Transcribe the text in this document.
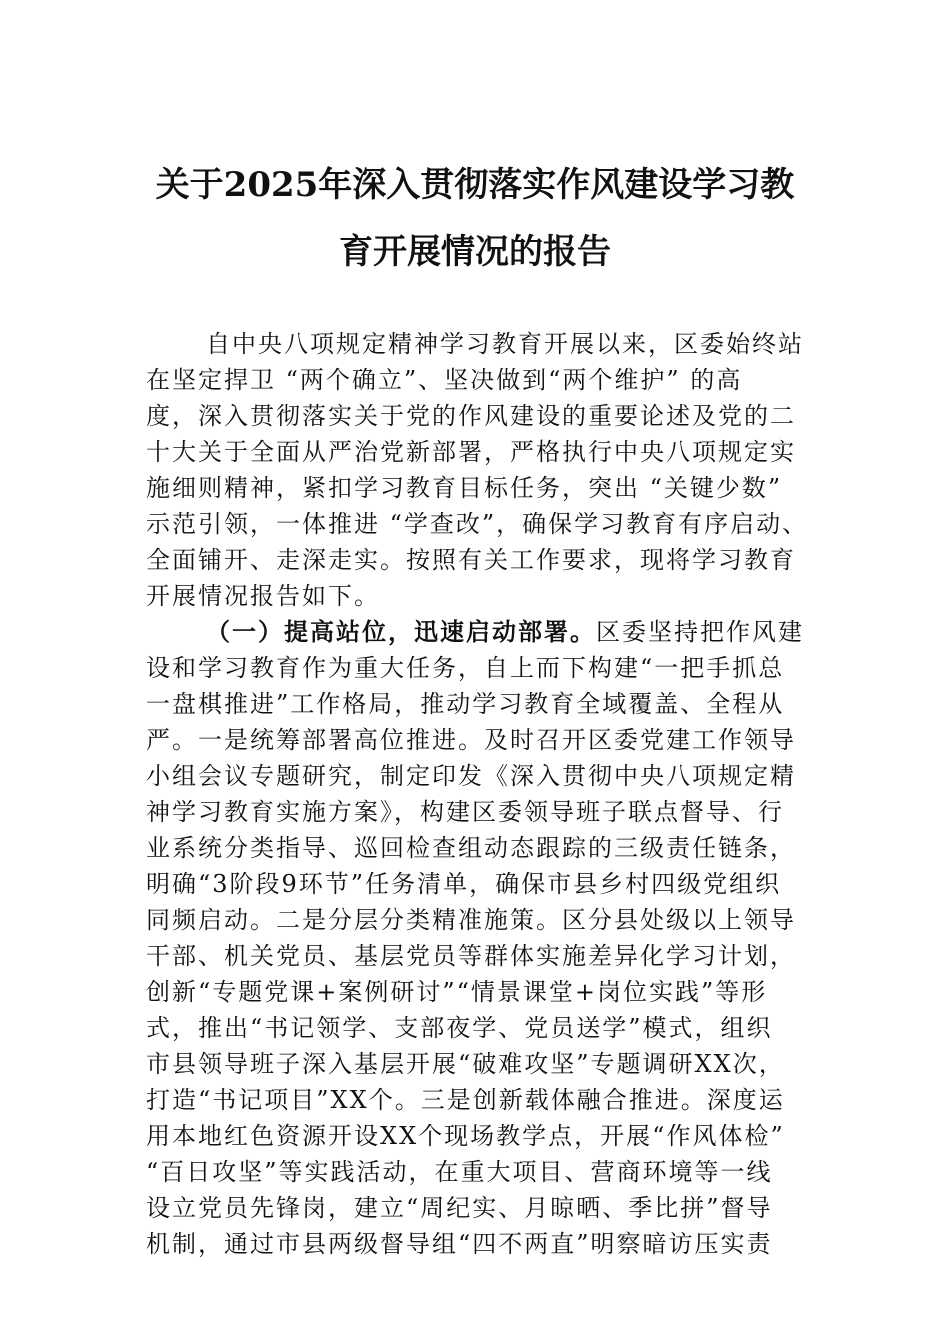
关于2025年深入贯彻落实作风建设学习教
育开展情况的报告
自中央八项规定精神学习教育开展以来，区委始终站
在坚定捍卫 “两个确立”、坚决做到“两个维护” 的高
度，深入贯彻落实关于党的作风建设的重要论述及党的二
十大关于全面从严治党新部署，严格执行中央八项规定实
施细则精神，紧扣学习教育目标任务，突出 “关键少数”
示范引领，一体推进 “学查改”，确保学习教育有序启动、
全面铺开、走深走实。按照有关工作要求，现将学习教育
开展情况报告如下。
（一）提高站位，迅速启动部署。区委坚持把作风建
设和学习教育作为重大任务，自上而下构建“一把手抓总
一盘棋推进”工作格局，推动学习教育全域覆盖、全程从
严。一是统筹部署高位推进。及时召开区委党建工作领导
小组会议专题研究，制定印发《深入贯彻中央八项规定精
神学习教育实施方案》，构建区委领导班子联点督导、行
业系统分类指导、巡回检查组动态跟踪的三级责任链条，
明确“3阶段9环节”任务清单，确保市县乡村四级党组织
同频启动。二是分层分类精准施策。区分县处级以上领导
干部、机关党员、基层党员等群体实施差异化学习计划，
创新“专题党课+案例研讨”“情景课堂+岗位实践”等形
式，推出“书记领学、支部夜学、党员送学”模式，组织
市县领导班子深入基层开展“破难攻坚”专题调研XX次，
打造“书记项目”XX个。三是创新载体融合推进。深度运
用本地红色资源开设XX个现场教学点，开展“作风体检”
“百日攻坚”等实践活动，在重大项目、营商环境等一线
设立党员先锋岗，建立“周纪实、月晾晒、季比拼”督导
机制，通过市县两级督导组“四不两直”明察暗访压实责
